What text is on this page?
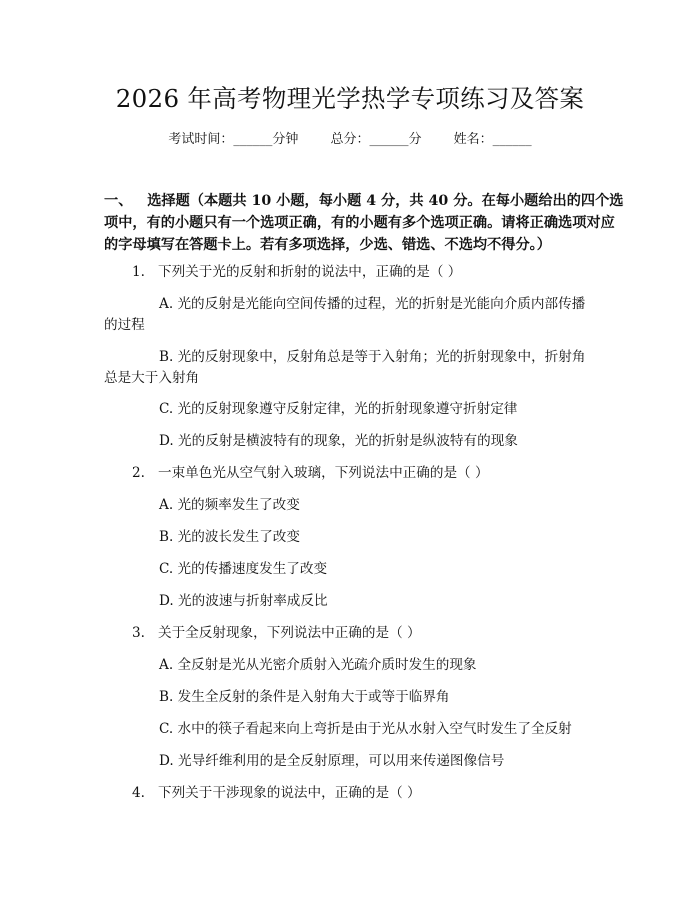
2026 年高考物理光学热学专项练习及答案
考试时间：______分钟 总分：______分 姓名：______
一、 选择题（本题共 10 小题，每小题 4 分，共 40 分。在每小题给出的四个选项中，有的小题只有一个选项正确，有的小题有多个选项正确。请将正确选项对应的字母填写在答题卡上。若有多项选择，少选、错选、不选均不得分。）
1. 下列关于光的反射和折射的说法中，正确的是（ ）
A. 光的反射是光能向空间传播的过程，光的折射是光能向介质内部传播
的过程
B. 光的反射现象中，反射角总是等于入射角；光的折射现象中，折射角
总是大于入射角
C. 光的反射现象遵守反射定律，光的折射现象遵守折射定律
D. 光的反射是横波特有的现象，光的折射是纵波特有的现象
2. 一束单色光从空气射入玻璃，下列说法中正确的是（ ）
A. 光的频率发生了改变
B. 光的波长发生了改变
C. 光的传播速度发生了改变
D. 光的波速与折射率成反比
3. 关于全反射现象，下列说法中正确的是（ ）
A. 全反射是光从光密介质射入光疏介质时发生的现象
B. 发生全反射的条件是入射角大于或等于临界角
C. 水中的筷子看起来向上弯折是由于光从水射入空气时发生了全反射
D. 光导纤维利用的是全反射原理，可以用来传递图像信号
4. 下列关于干涉现象的说法中，正确的是（ ）
